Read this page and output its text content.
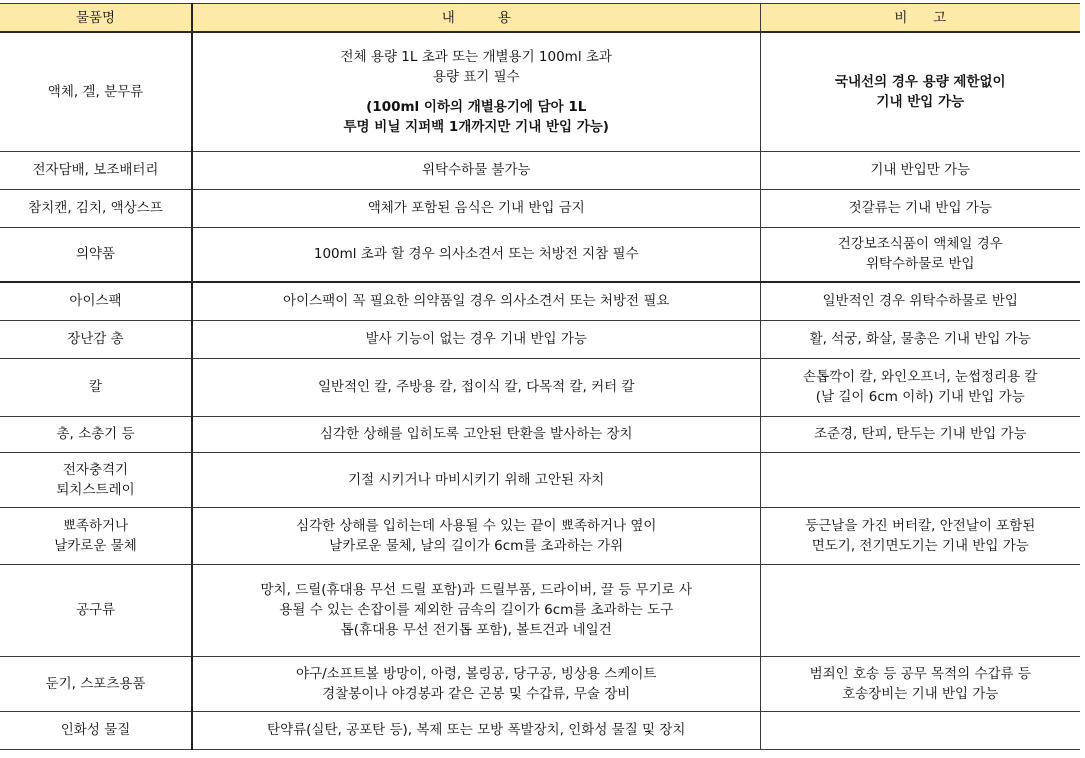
물품명	내          용	비      고

액체, 겔, 분무류	전체 용량 1L 초과 또는 개별용기 100ml 초과
용량 표기 필수
(100ml 이하의 개별용기에 담아 1L
투명 비닐 지퍼백 1개까지만 기내 반입 가능)	국내선의 경우 용량 제한없이
기내 반입 가능

전자담배, 보조배터리	위탁수하물 불가능	기내 반입만 가능

참치캔, 김치, 액상스프	액체가 포함된 음식은 기내 반입 금지	젓갈류는 기내 반입 가능

의약품	100ml 초과 할 경우 의사소견서 또는 처방전 지참 필수	건강보조식품이 액체일 경우
위탁수하물로 반입

아이스팩	아이스팩이 꼭 필요한 의약품일 경우 의사소견서 또는 처방전 필요	일반적인 경우 위탁수하물로 반입

장난감 총	발사 기능이 없는 경우 기내 반입 가능	활, 석궁, 화살, 물총은 기내 반입 가능

칼	일반적인 칼, 주방용 칼, 접이식 칼, 다목적 칼, 커터 칼	손톱깍이 칼, 와인오프너, 눈썹정리용 칼
(날 길이 6cm 이하) 기내 반입 가능

총, 소총기 등	심각한 상해를 입히도록 고안된 탄환을 발사하는 장치	조준경, 탄피, 탄두는 기내 반입 가능

전자충격기
퇴치스트레이	기절 시키거나 마비시키기 위해 고안된 자치	

뾰족하거나
날카로운 물체	심각한 상해를 입히는데 사용될 수 있는 끝이 뾰족하거나 옆이
날카로운 물체, 날의 길이가 6cm를 초과하는 가위	둥근날을 가진 버터칼, 안전날이 포함된
면도기, 전기면도기는 기내 반입 가능

공구류	망치, 드릴(휴대용 무선 드릴 포함)과 드릴부품, 드라이버, 끌 등 무기로 사
용될 수 있는 손잡이를 제외한 금속의 길이가 6cm를 초과하는 도구
톱(휴대용 무선 전기톱 포함), 볼트건과 네일건	

둔기, 스포츠용품	야구/소프트볼 방망이, 아령, 볼링공, 당구공, 빙상용 스케이트
경찰봉이나 야경봉과 같은 곤봉 및 수갑류, 무술 장비	범죄인 호송 등 공무 목적의 수갑류 등
호송장비는 기내 반입 가능

인화성 물질	탄약류(실탄, 공포탄 등), 복제 또는 모방 폭발장치, 인화성 물질 및 장치	
